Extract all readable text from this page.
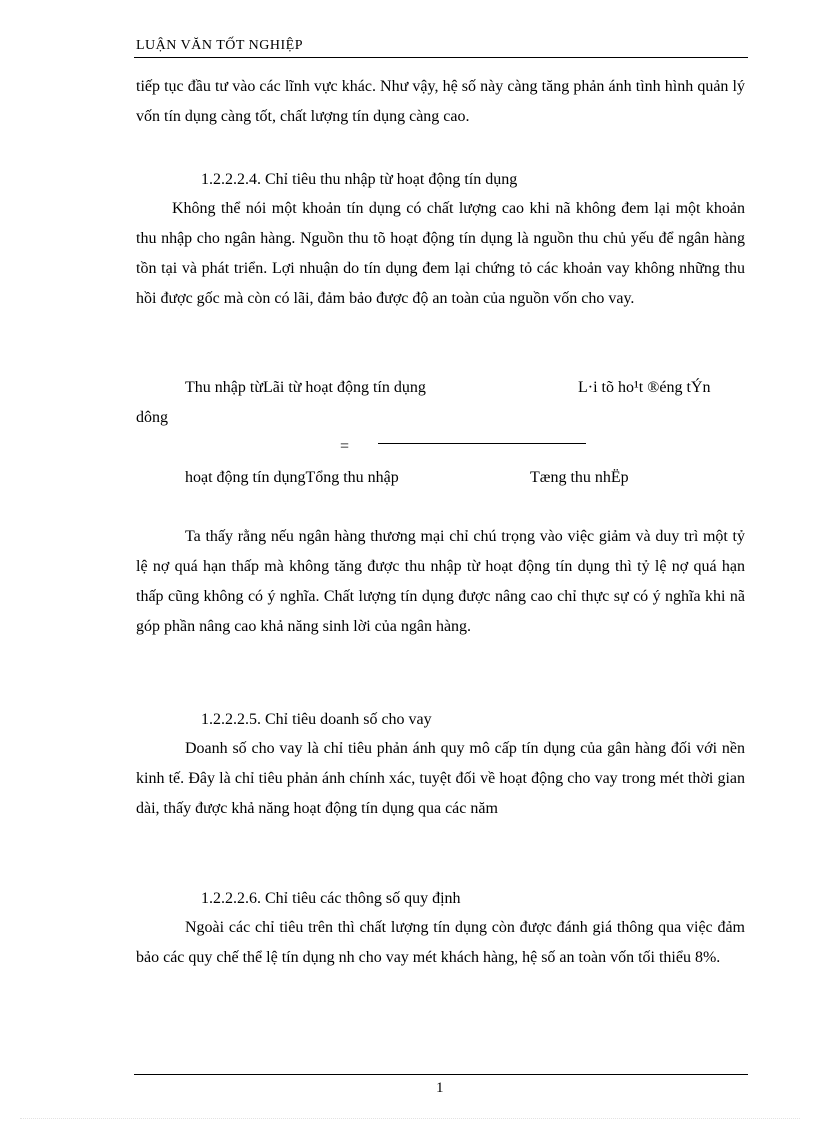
LUẬN VĂN TỐT NGHIỆP

tiếp tục đầu tư vào các lĩnh vực khác. Như vậy, hệ số này càng tăng phản ánh tình hình quản lý vốn tín dụng càng tốt, chất lượng tín dụng càng cao.

1.2.2.2.4. Chỉ tiêu thu nhập từ hoạt động tín dụng

Không thể nói một khoản tín dụng có chất lượng cao khi nã không đem lại một khoản thu nhập cho ngân hàng. Nguồn thu tõ hoạt động tín dụng là nguồn thu chủ yếu để ngân hàng tồn tại và phát triển. Lợi nhuận do tín dụng đem lại chứng tỏ các khoản vay không những thu hồi được gốc mà còn có lãi, đảm bảo được độ an toàn của nguồn vốn cho vay.

Thu nhập từLãi từ hoạt động tín dụng	L·i tõ ho¹t ®éng tÝn
dông
=
hoạt động tín dụngTổng thu nhập	Tæng thu nhËp

Ta thấy rằng nếu ngân hàng thương mại chỉ chú trọng vào việc giảm và duy trì một tỷ lệ nợ quá hạn thấp mà không tăng được thu nhập từ hoạt động tín dụng thì tỷ lệ nợ quá hạn thấp cũng không có ý nghĩa. Chất lượng tín dụng được nâng cao chỉ thực sự có ý nghĩa khi nã góp phần nâng cao khả năng sinh lời của ngân hàng.

1.2.2.2.5. Chỉ tiêu doanh số cho vay

Doanh số cho vay là chỉ tiêu phản ánh quy mô cấp tín dụng của gân hàng đối với nền kinh tế. Đây là chỉ tiêu phản ánh chính xác, tuyệt đối về hoạt động cho vay trong mét thời gian dài, thấy được khả năng hoạt động tín dụng qua các năm

1.2.2.2.6. Chỉ tiêu các thông số quy định

Ngoài các chỉ tiêu trên thì chất lượng tín dụng còn được đánh giá thông qua việc đảm bảo các quy chế thể lệ tín dụng nh cho vay mét khách hàng, hệ số an toàn vốn tối thiểu 8%.

1
